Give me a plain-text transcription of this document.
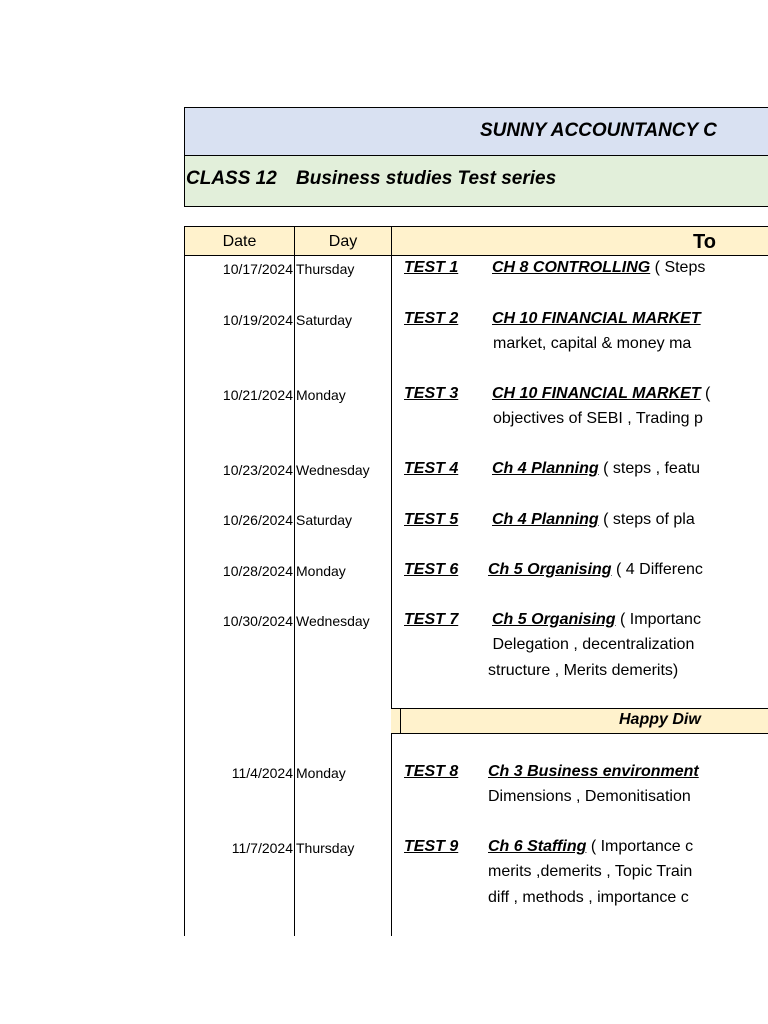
SUNNY ACCOUNTANCY C
CLASS 12 Business studies Test series
Date	Day	To
10/17/2024 Thursday	TEST 1 CH 8 CONTROLLING ( Steps
10/19/2024 Saturday	TEST 2 CH 10 FINANCIAL MARKET
market, capital & money ma
10/21/2024 Monday	TEST 3 CH 10 FINANCIAL MARKET (
objectives of SEBI , Trading p
10/23/2024 Wednesday TEST 4 Ch 4 Planning ( steps , featu
10/26/2024 Saturday	TEST 5 Ch 4 Planning ( steps of pla
10/28/2024 Monday	TEST 6 Ch 5 Organising ( 4 Differenc
10/30/2024 Wednesday TEST 7 Ch 5 Organising ( Importanc
Delegation , decentralization
structure , Merits demerits)
Happy Diw
11/4/2024 Monday	TEST 8 Ch 3 Business environment
Dimensions , Demonitisation
11/7/2024 Thursday	TEST 9 Ch 6 Staffing ( Importance c
merits ,demerits , Topic Train
diff , methods , importance c
